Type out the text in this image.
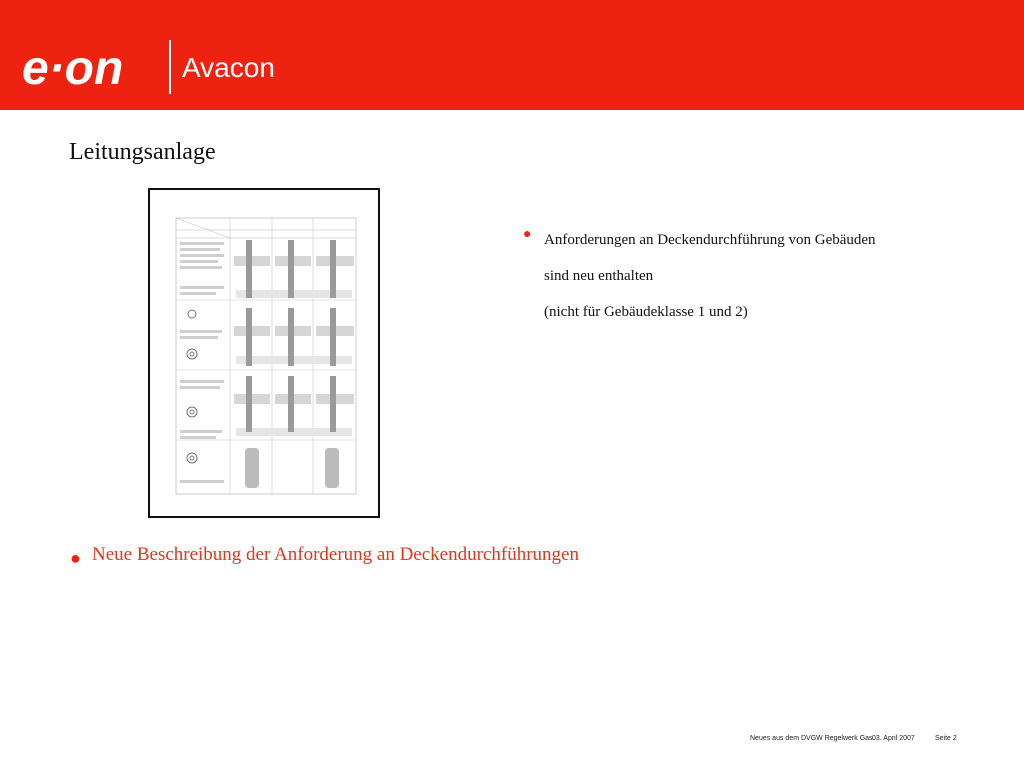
e·on Avacon
Leitungsanlage
● Anforderungen an Deckendurchführung von Gebäuden
sind neu enthalten
(nicht für Gebäudeklasse 1 und 2)
● Neue Beschreibung der Anforderung an Deckendurchführungen
Neues aus dem DVGW Regelwerk Gas 03. April 2007	Seite 2
